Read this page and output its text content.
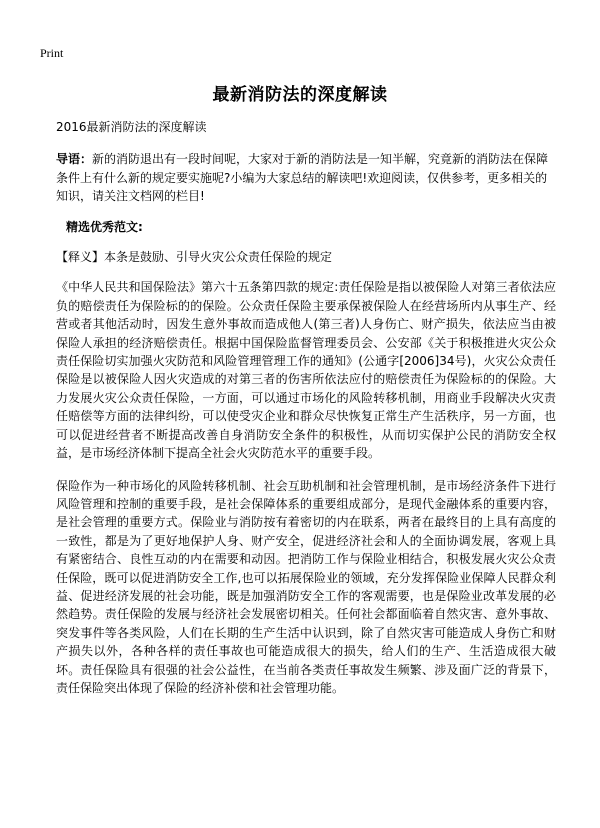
Print
最新消防法的深度解读
2016最新消防法的深度解读
导语：新的消防退出有一段时间呢，大家对于新的消防法是一知半解，究竟新的消防法在保障条件上有什么新的规定要实施呢?小编为大家总结的解读吧!欢迎阅读，仅供参考，更多相关的知识，请关注文档网的栏目!
精选优秀范文:
【释义】本条是鼓励、引导火灾公众责任保险的规定
《中华人民共和国保险法》第六十五条第四款的规定:责任保险是指以被保险人对第三者依法应负的赔偿责任为保险标的的保险。公众责任保险主要承保被保险人在经营场所内从事生产、经营或者其他活动时，因发生意外事故而造成他人(第三者)人身伤亡、财产损失，依法应当由被保险人承担的经济赔偿责任。根据中国保险监督管理委员会、公安部《关于积极推进火灾公众责任保险切实加强火灾防范和风险管理管理工作的通知》(公通字[2006]34号)，火灾公众责任保险是以被保险人因火灾造成的对第三者的伤害所依法应付的赔偿责任为保险标的的保险。大力发展火灾公众责任保险，一方面，可以通过市场化的风险转移机制，用商业手段解决火灾责任赔偿等方面的法律纠纷，可以使受灾企业和群众尽快恢复正常生产生活秩序，另一方面，也可以促进经营者不断提高改善自身消防安全条件的积极性，从而切实保护公民的消防安全权益，是市场经济体制下提高全社会火灾防范水平的重要手段。
保险作为一种市场化的风险转移机制、社会互助机制和社会管理机制，是市场经济条件下进行风险管理和控制的重要手段，是社会保障体系的重要组成部分，是现代金融体系的重要内容，是社会管理的重要方式。保险业与消防按有着密切的内在联系，两者在最终目的上具有高度的一致性，都是为了更好地保护人身、财产安全，促进经济社会和人的全面协调发展，客观上具有紧密结合、良性互动的内在需要和动因。把消防工作与保险业相结合，积极发展火灾公众责任保险，既可以促进消防安全工作,也可以拓展保险业的领域，充分发挥保险业保障人民群众利益、促进经济发展的社会功能，既是加强消防安全工作的客观需要，也是保险业改革发展的必然趋势。责任保险的发展与经济社会发展密切相关。任何社会都面临着自然灾害、意外事故、突发事件等各类风险，人们在长期的生产生活中认识到，除了自然灾害可能造成人身伤亡和财产损失以外，各种各样的责任事故也可能造成很大的损失，给人们的生产、生活造成很大破坏。责任保险具有很强的社会公益性，在当前各类责任事故发生频繁、涉及面广泛的背景下，责任保险突出体现了保险的经济补偿和社会管理功能。
